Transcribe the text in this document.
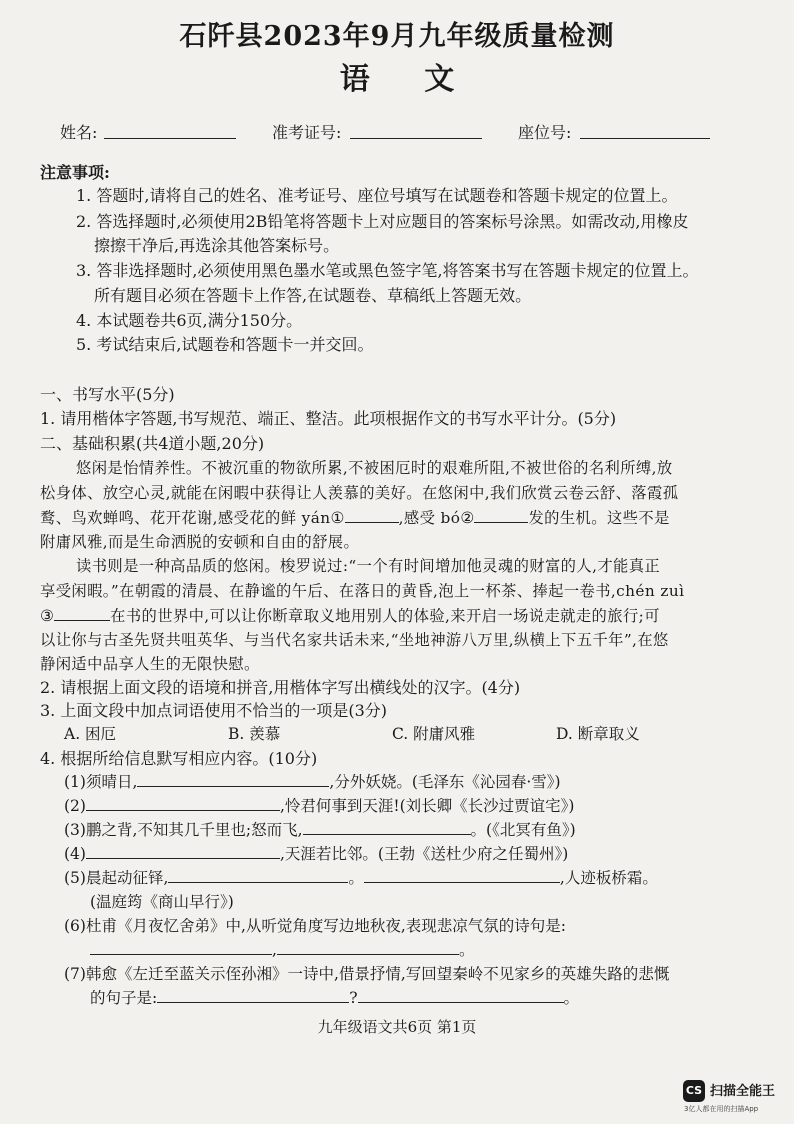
石阡县2023年9月九年级质量检测
语 文
姓名:	准考证号:	座位号:
注意事项:
1. 答题时,请将自己的姓名、准考证号、座位号填写在试题卷和答题卡规定的位置上。
2. 答选择题时,必须使用2B铅笔将答题卡上对应题目的答案标号涂黑。如需改动,用橡皮
擦擦干净后,再选涂其他答案标号。
3. 答非选择题时,必须使用黑色墨水笔或黑色签字笔,将答案书写在答题卡规定的位置上。
所有题目必须在答题卡上作答,在试题卷、草稿纸上答题无效。
4. 本试题卷共6页,满分150分。
5. 考试结束后,试题卷和答题卡一并交回。
一、书写水平(5分)
1. 请用楷体字答题,书写规范、端正、整洁。此项根据作文的书写水平计分。(5分)
二、基础积累(共4道小题,20分)
悠闲是怡情养性。不被沉重的物欲所累,不被困厄时的艰难所阻,不被世俗的名利所缚,放
松身体、放空心灵,就能在闲暇中获得让人羡慕的美好。在悠闲中,我们欣赏云卷云舒、落霞孤
鹜、鸟欢蝉鸣、花开花谢,感受花的鲜 yán①	,感受 bó②	发的生机。这些不是
附庸风雅,而是生命洒脱的安顿和自由的舒展。
读书则是一种高品质的悠闲。梭罗说过:“一个有时间增加他灵魂的财富的人,才能真正
享受闲暇。”在朝霞的清晨、在静谧的午后、在落日的黄昏,泡上一杯茶、捧起一卷书,chén zuì
③	在书的世界中,可以让你断章取义地用别人的体验,来开启一场说走就走的旅行;可
以让你与古圣先贤共咀英华、与当代名家共话未来,“坐地神游八万里,纵横上下五千年”,在悠
静闲适中品享人生的无限快慰。
2. 请根据上面文段的语境和拼音,用楷体字写出横线处的汉字。(4分)
3. 上面文段中加点词语使用不恰当的一项是(3分)
A. 困厄	B. 羡慕	C. 附庸风雅	D. 断章取义
4. 根据所给信息默写相应内容。(10分)
(1)须晴日,	,分外妖娆。(毛泽东《沁园春·雪》)
(2)	,怜君何事到天涯!(刘长卿《长沙过贾谊宅》)
(3)鹏之背,不知其几千里也;怒而飞,	。(《北冥有鱼》)
(4)	,天涯若比邻。(王勃《送杜少府之任蜀州》)
(5)晨起动征铎,	。	,人迹板桥霜。
(温庭筠《商山早行》)
(6)杜甫《月夜忆舍弟》中,从听觉角度写边地秋夜,表现悲凉气氛的诗句是:
,	。
(7)韩愈《左迁至蓝关示侄孙湘》一诗中,借景抒情,写回望秦岭不见家乡的英雄失路的悲慨
的句子是:	?	。
九年级语文共6页 第1页
CS 扫描全能王
3亿人都在用的扫描App
